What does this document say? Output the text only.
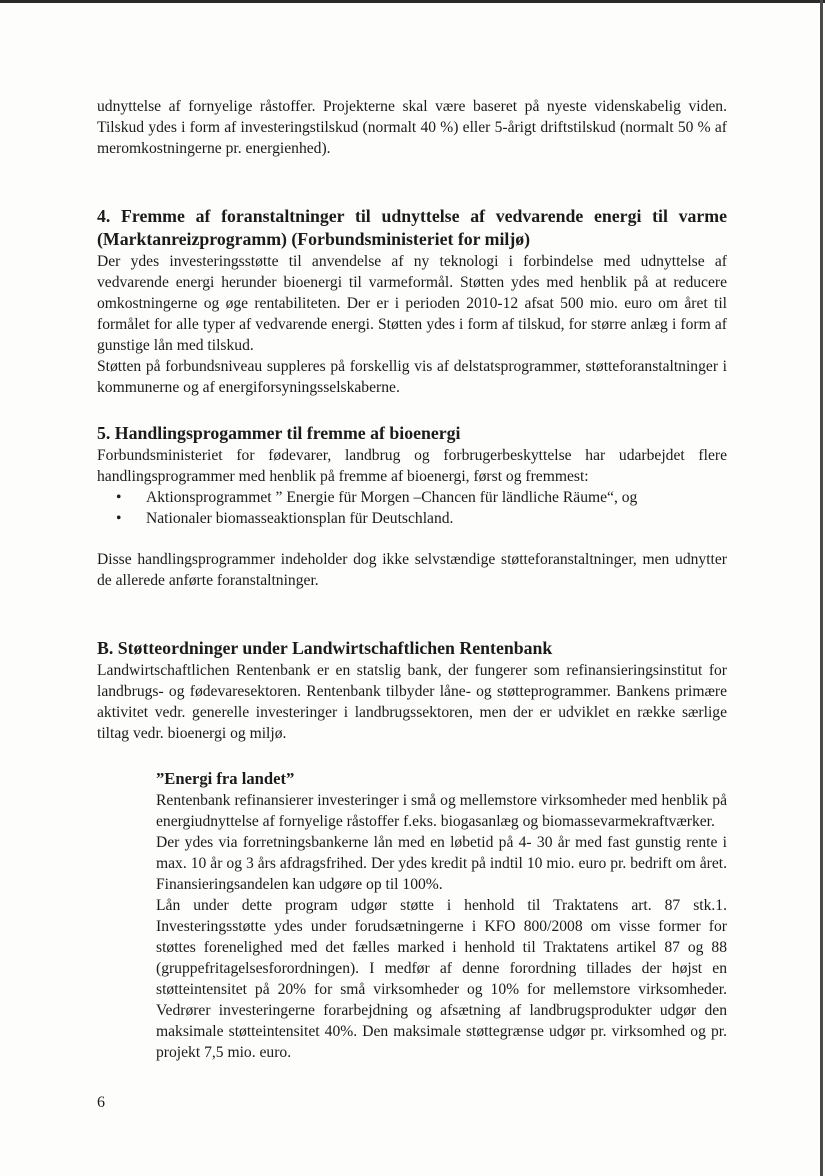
udnyttelse af fornyelige råstoffer. Projekterne skal være baseret på nyeste videnskabelig viden. Tilskud ydes i form af investeringstilskud (normalt 40 %) eller 5-årigt driftstilskud (normalt 50 % af meromkostningerne pr. energienhed).

4. Fremme af foranstaltninger til udnyttelse af vedvarende energi til varme (Marktanreizprogramm) (Forbundsministeriet for miljø)

Der ydes investeringsstøtte til anvendelse af ny teknologi i forbindelse med udnyttelse af vedvarende energi herunder bioenergi til varmeformål. Støtten ydes med henblik på at reducere omkostningerne og øge rentabiliteten. Der er i perioden 2010-12 afsat 500 mio. euro om året til formålet for alle typer af vedvarende energi. Støtten ydes i form af tilskud, for større anlæg i form af gunstige lån med tilskud.

Støtten på forbundsniveau suppleres på forskellig vis af delstatsprogrammer, støtteforanstaltninger i kommunerne og af energiforsyningsselskaberne.

5. Handlingsprogammer til fremme af bioenergi

Forbundsministeriet for fødevarer, landbrug og forbrugerbeskyttelse har udarbejdet flere handlingsprogrammer med henblik på fremme af bioenergi, først og fremmest:

• Aktionsprogrammet ” Energie für Morgen –Chancen für ländliche Räume“, og
• Nationaler biomasseaktionsplan für Deutschland.

Disse handlingsprogrammer indeholder dog ikke selvstændige støtteforanstaltninger, men udnytter de allerede anførte foranstaltninger.

B. Støtteordninger under Landwirtschaftlichen Rentenbank

Landwirtschaftlichen Rentenbank er en statslig bank, der fungerer som refinansieringsinstitut for landbrugs- og fødevaresektoren. Rentenbank tilbyder låne- og støtteprogrammer. Bankens primære aktivitet vedr. generelle investeringer i landbrugssektoren, men der er udviklet en række særlige tiltag vedr. bioenergi og miljø.

”Energi fra landet”

Rentenbank refinansierer investeringer i små og mellemstore virksomheder med henblik på energiudnyttelse af fornyelige råstoffer f.eks. biogasanlæg og biomassevarmekraftværker.

Der ydes via forretningsbankerne lån med en løbetid på 4- 30 år med fast gunstig rente i max. 10 år og 3 års afdragsfrihed. Der ydes kredit på indtil 10 mio. euro pr. bedrift om året. Finansieringsandelen kan udgøre op til 100%.

Lån under dette program udgør støtte i henhold til Traktatens art. 87 stk.1. Investeringsstøtte ydes under forudsætningerne i KFO 800/2008 om visse former for støttes forenelighed med det fælles marked i henhold til Traktatens artikel 87 og 88 (gruppefritagelsesforordningen). I medfør af denne forordning tillades der højst en støtteintensitet på 20% for små virksomheder og 10% for mellemstore virksomheder. Vedrører investeringerne forarbejdning og afsætning af landbrugsprodukter udgør den maksimale støtteintensitet 40%. Den maksimale støttegrænse udgør pr. virksomhed og pr. projekt 7,5 mio. euro.

6
